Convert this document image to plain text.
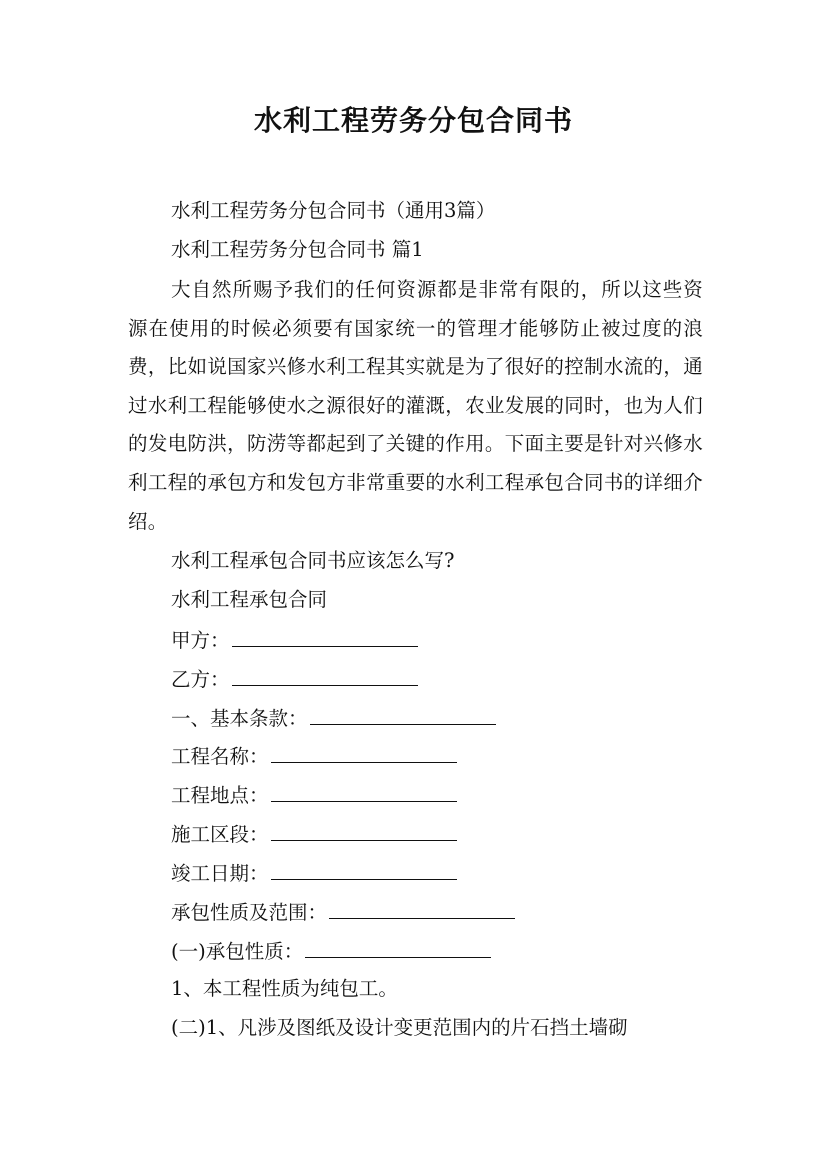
水利工程劳务分包合同书
水利工程劳务分包合同书（通用3篇）
水利工程劳务分包合同书 篇1
大自然所赐予我们的任何资源都是非常有限的，所以这些资源在使用的时候必须要有国家统一的管理才能够防止被过度的浪费，比如说国家兴修水利工程其实就是为了很好的控制水流的，通过水利工程能够使水之源很好的灌溉，农业发展的同时，也为人们的发电防洪，防涝等都起到了关键的作用。下面主要是针对兴修水利工程的承包方和发包方非常重要的水利工程承包合同书的详细介绍。
水利工程承包合同书应该怎么写?
水利工程承包合同
甲方：
乙方：
一、基本条款：
工程名称：
工程地点：
施工区段：
竣工日期：
承包性质及范围：
(一)承包性质：
1、本工程性质为纯包工。
(二)1、凡涉及图纸及设计变更范围内的片石挡土墙砌
